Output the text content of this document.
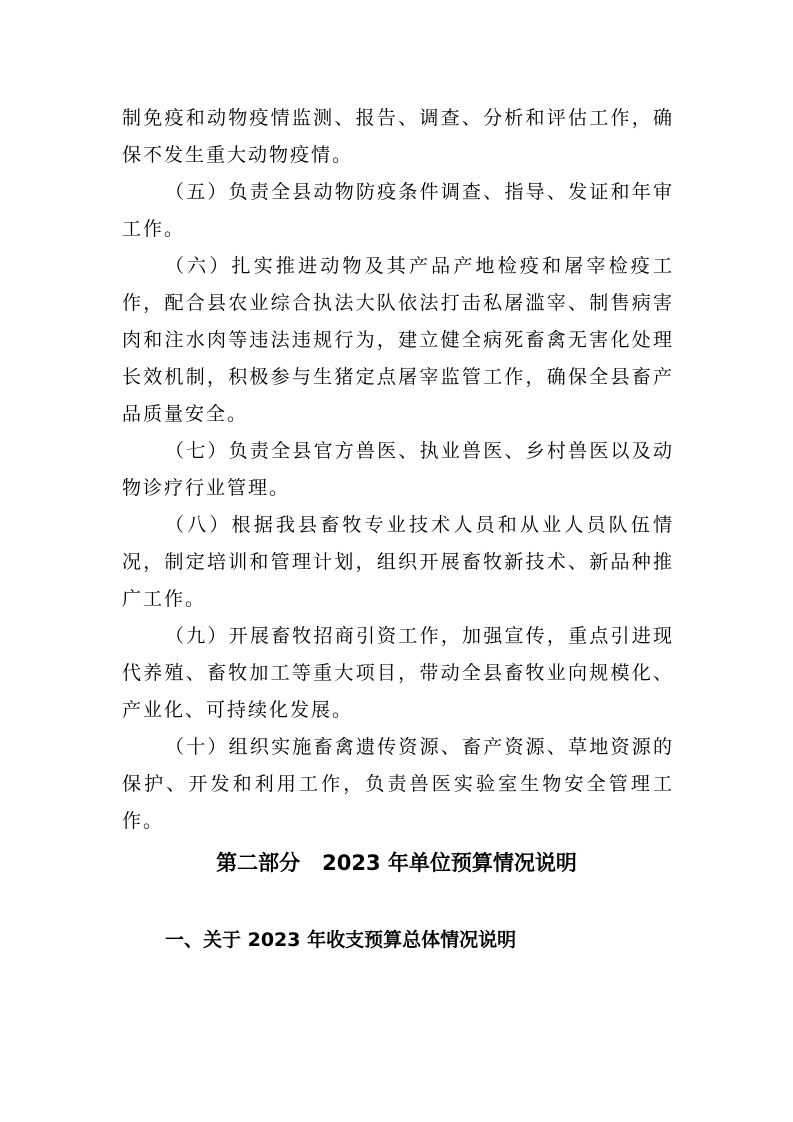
制免疫和动物疫情监测、报告、调查、分析和评估工作，确保不发生重大动物疫情。

（五）负责全县动物防疫条件调查、指导、发证和年审工作。

（六）扎实推进动物及其产品产地检疫和屠宰检疫工作，配合县农业综合执法大队依法打击私屠滥宰、制售病害肉和注水肉等违法违规行为，建立健全病死畜禽无害化处理长效机制，积极参与生猪定点屠宰监管工作，确保全县畜产品质量安全。

（七）负责全县官方兽医、执业兽医、乡村兽医以及动物诊疗行业管理。

（八）根据我县畜牧专业技术人员和从业人员队伍情况，制定培训和管理计划，组织开展畜牧新技术、新品种推广工作。

（九）开展畜牧招商引资工作，加强宣传，重点引进现代养殖、畜牧加工等重大项目，带动全县畜牧业向规模化、产业化、可持续化发展。

（十）组织实施畜禽遗传资源、畜产资源、草地资源的保护、开发和利用工作，负责兽医实验室生物安全管理工作。

第二部分 2023 年单位预算情况说明
一、关于 2023 年收支预算总体情况说明
